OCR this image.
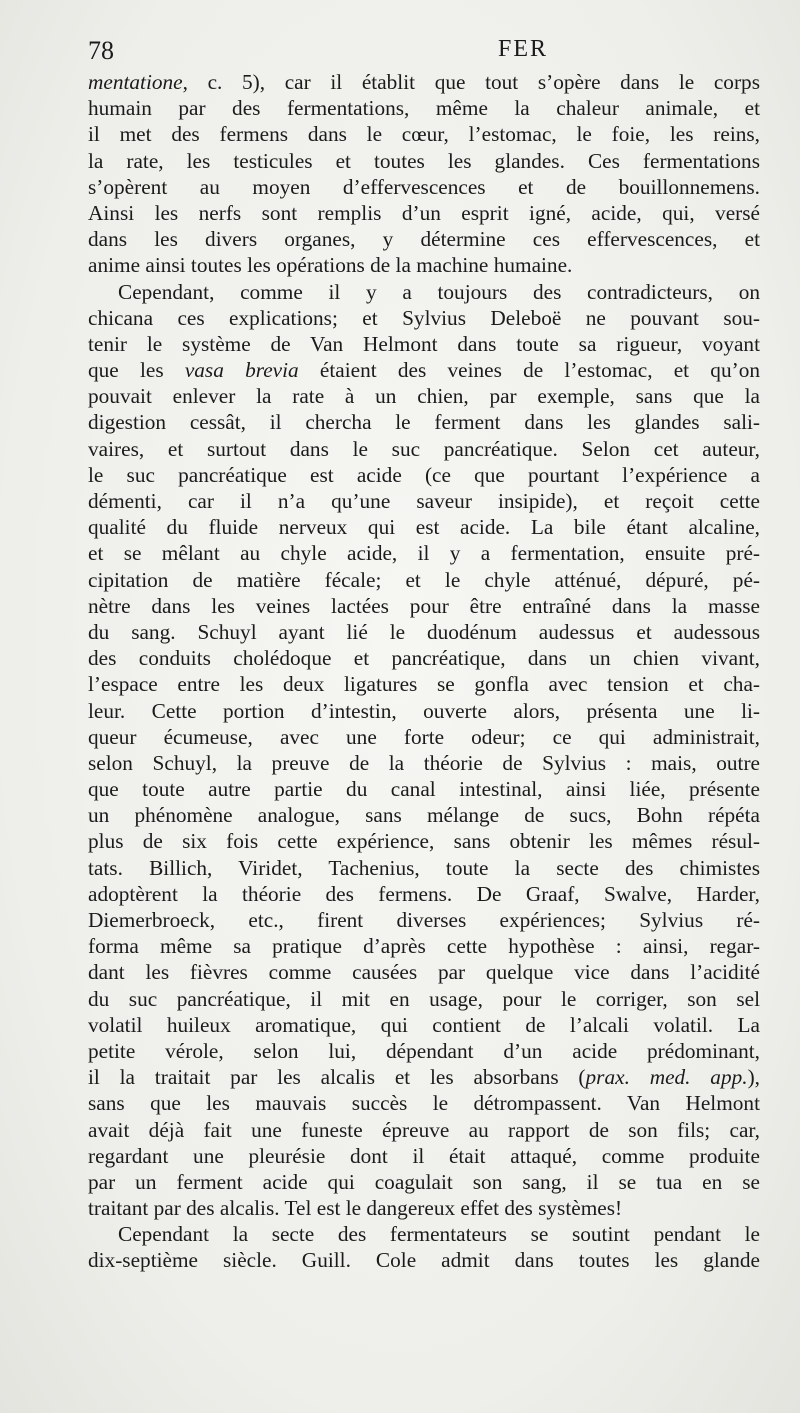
78	FER
mentatione, c. 5), car il établit que tout s’opère dans le corps
humain par des fermentations, même la chaleur animale, et
il met des fermens dans le cœur, l’estomac, le foie, les reins,
la rate, les testicules et toutes les glandes. Ces fermentations
s’opèrent au moyen d’effervescences et de bouillonnemens.
Ainsi les nerfs sont remplis d’un esprit igné, acide, qui, versé
dans les divers organes, y détermine ces effervescences, et
anime ainsi toutes les opérations de la machine humaine.
Cependant, comme il y a toujours des contradicteurs, on
chicana ces explications; et Sylvius Deleboë ne pouvant sou-
tenir le système de Van Helmont dans toute sa rigueur, voyant
que les vasa brevia étaient des veines de l’estomac, et qu’on
pouvait enlever la rate à un chien, par exemple, sans que la
digestion cessât, il chercha le ferment dans les glandes sali-
vaires, et surtout dans le suc pancréatique. Selon cet auteur,
le suc pancréatique est acide (ce que pourtant l’expérience a
démenti, car il n’a qu’une saveur insipide), et reçoit cette
qualité du fluide nerveux qui est acide. La bile étant alcaline,
et se mêlant au chyle acide, il y a fermentation, ensuite pré-
cipitation de matière fécale; et le chyle atténué, dépuré, pé-
nètre dans les veines lactées pour être entraîné dans la masse
du sang. Schuyl ayant lié le duodénum audessus et audessous
des conduits cholédoque et pancréatique, dans un chien vivant,
l’espace entre les deux ligatures se gonfla avec tension et cha-
leur. Cette portion d’intestin, ouverte alors, présenta une li-
queur écumeuse, avec une forte odeur; ce qui administrait,
selon Schuyl, la preuve de la théorie de Sylvius : mais, outre
que toute autre partie du canal intestinal, ainsi liée, présente
un phénomène analogue, sans mélange de sucs, Bohn répéta
plus de six fois cette expérience, sans obtenir les mêmes résul-
tats. Billich, Viridet, Tachenius, toute la secte des chimistes
adoptèrent la théorie des fermens. De Graaf, Swalve, Harder,
Diemerbroeck, etc., firent diverses expériences; Sylvius ré-
forma même sa pratique d’après cette hypothèse : ainsi, regar-
dant les fièvres comme causées par quelque vice dans l’acidité
du suc pancréatique, il mit en usage, pour le corriger, son sel
volatil huileux aromatique, qui contient de l’alcali volatil. La
petite vérole, selon lui, dépendant d’un acide prédominant,
il la traitait par les alcalis et les absorbans (prax. med. app.),
sans que les mauvais succès le détrompassent. Van Helmont
avait déjà fait une funeste épreuve au rapport de son fils; car,
regardant une pleurésie dont il était attaqué, comme produite
par un ferment acide qui coagulait son sang, il se tua en se
traitant par des alcalis. Tel est le dangereux effet des systèmes!
Cependant la secte des fermentateurs se soutint pendant le
dix-septième siècle. Guill. Cole admit dans toutes les glande
